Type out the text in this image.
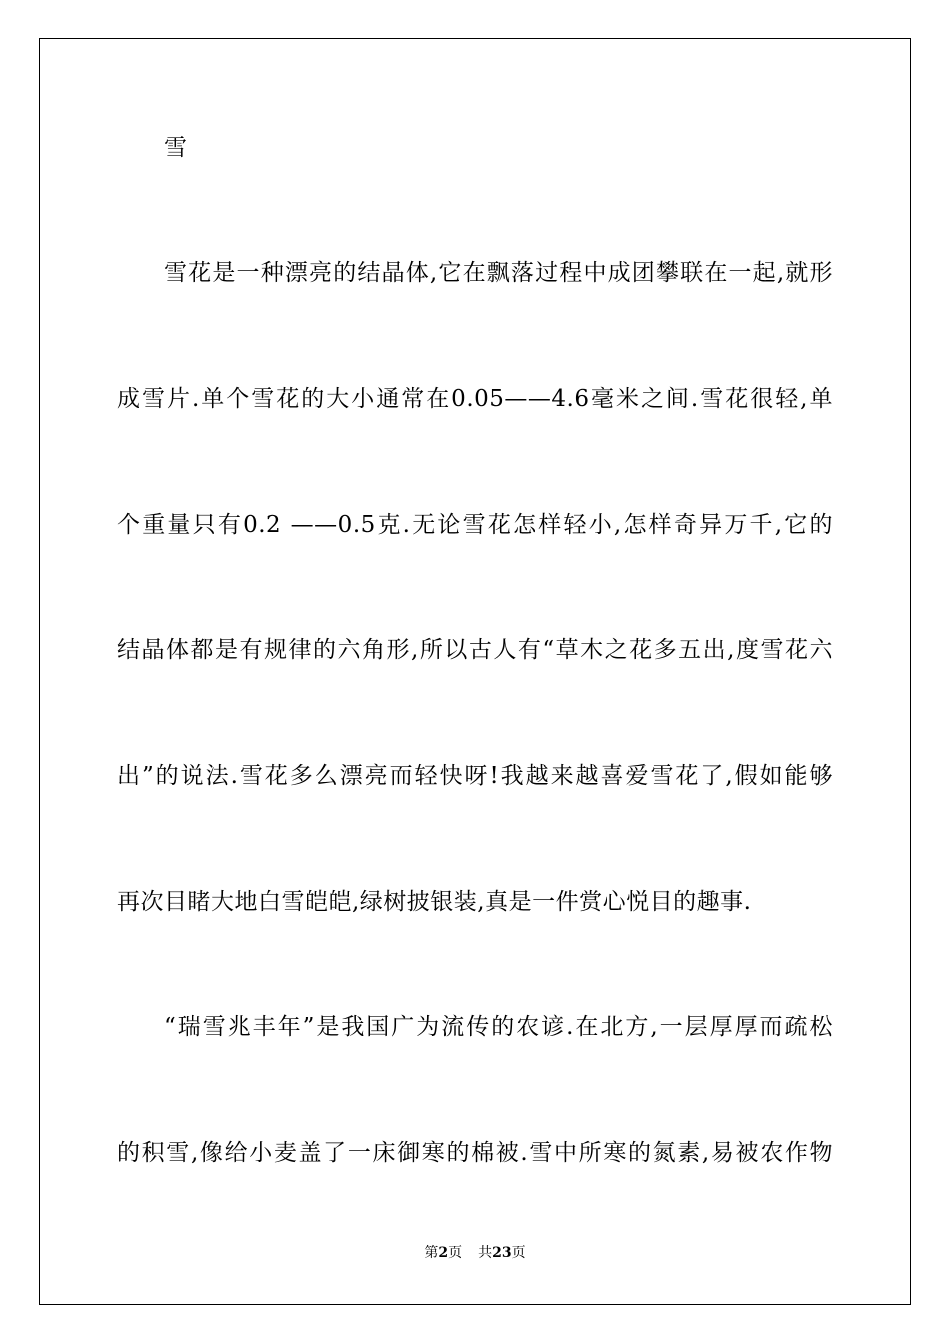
雪
雪花是一种漂亮的结晶体,它在飘落过程中成团攀联在一起,就形
成雪片.单个雪花的大小通常在0.05——4.6毫米之间.雪花很轻,单
个重量只有0.2 ——0.5克.无论雪花怎样轻小,怎样奇异万千,它的
结晶体都是有规律的六角形,所以古人有“草木之花多五出,度雪花六
出”的说法.雪花多么漂亮而轻快呀!我越来越喜爱雪花了,假如能够
再次目睹大地白雪皑皑,绿树披银装,真是一件赏心悦目的趣事.
“瑞雪兆丰年”是我国广为流传的农谚.在北方,一层厚厚而疏松
的积雪,像给小麦盖了一床御寒的棉被.雪中所寒的氮素,易被农作物
第2页 共23页
